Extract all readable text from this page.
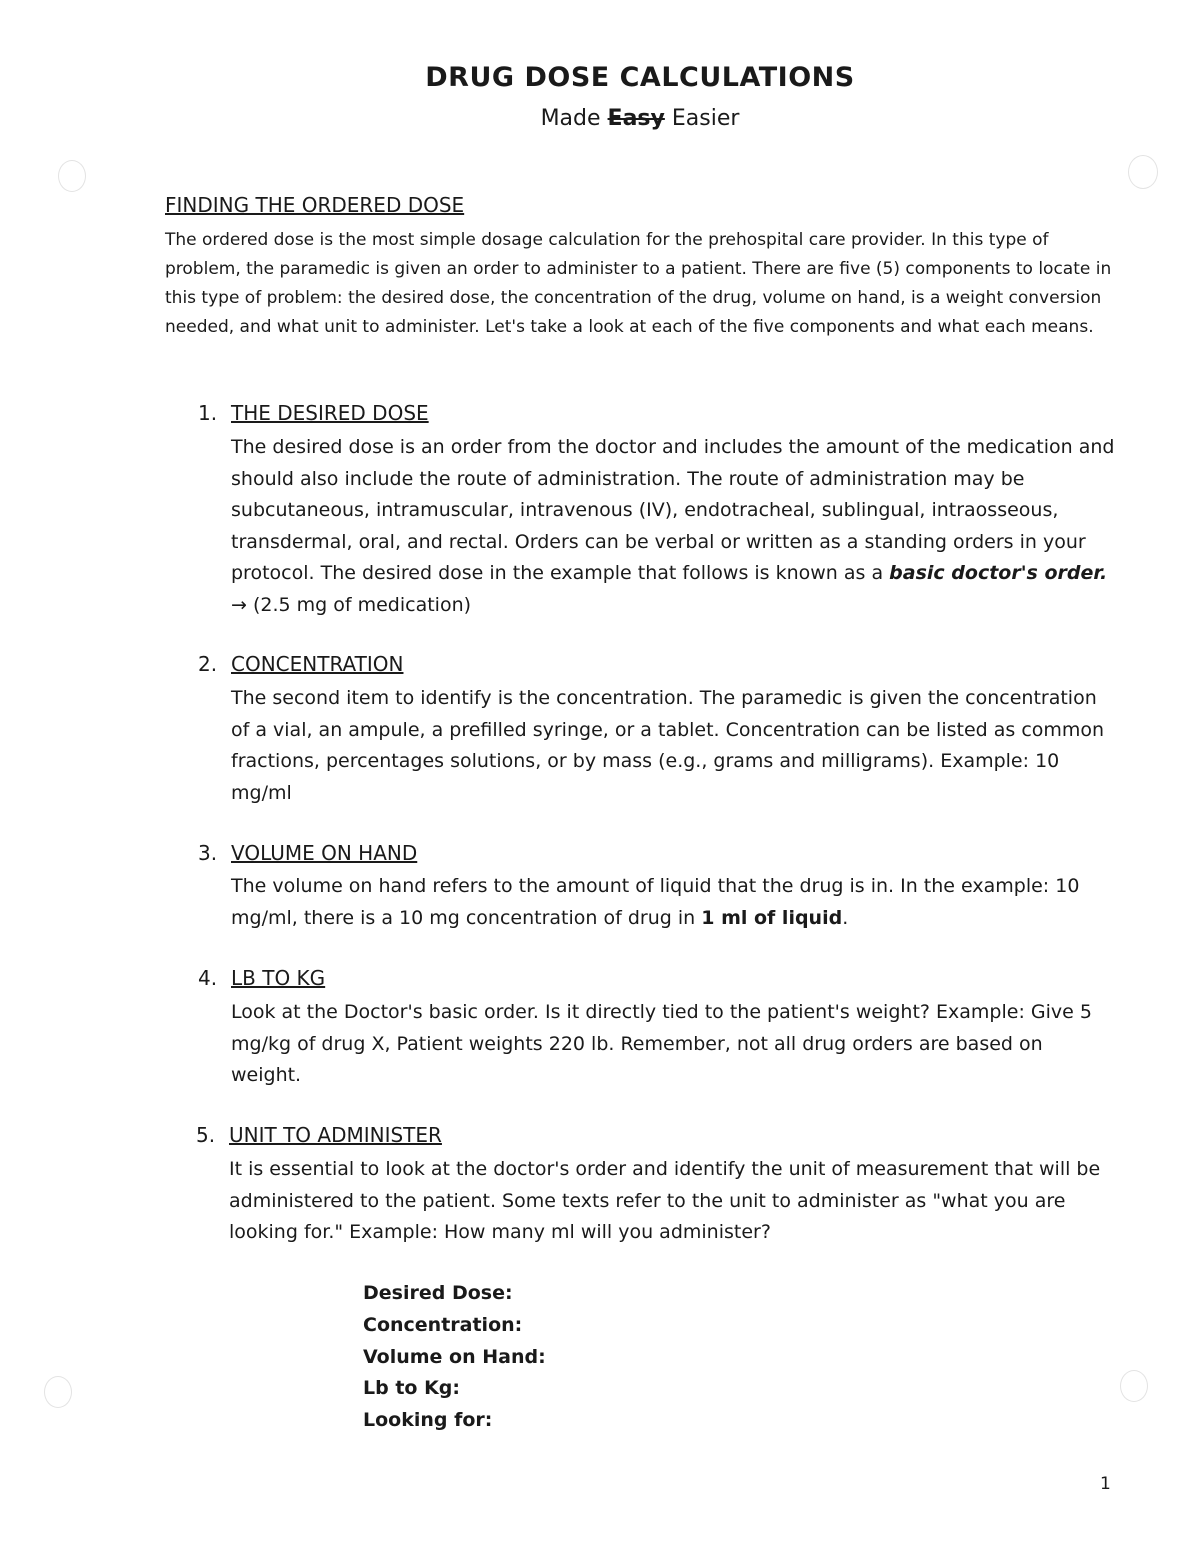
DRUG DOSE CALCULATIONS
Made Easy Easier
FINDING THE ORDERED DOSE
The ordered dose is the most simple dosage calculation for the prehospital care provider. In this type of problem, the paramedic is given an order to administer to a patient. There are five (5) components to locate in this type of problem: the desired dose, the concentration of the drug, volume on hand, is a weight conversion needed, and what unit to administer. Let's take a look at each of the five components and what each means.
1. THE DESIRED DOSE
The desired dose is an order from the doctor and includes the amount of the medication and should also include the route of administration. The route of administration may be subcutaneous, intramuscular, intravenous (IV), endotracheal, sublingual, intraosseous, transdermal, oral, and rectal. Orders can be verbal or written as a standing orders in your protocol. The desired dose in the example that follows is known as a basic doctor's order. → (2.5 mg of medication)
2. CONCENTRATION
The second item to identify is the concentration. The paramedic is given the concentration of a vial, an ampule, a prefilled syringe, or a tablet. Concentration can be listed as common fractions, percentages solutions, or by mass (e.g., grams and milligrams). Example: 10 mg/ml
3. VOLUME ON HAND
The volume on hand refers to the amount of liquid that the drug is in. In the example: 10 mg/ml, there is a 10 mg concentration of drug in 1 ml of liquid.
4. LB TO KG
Look at the Doctor's basic order. Is it directly tied to the patient's weight? Example: Give 5 mg/kg of drug X, Patient weights 220 lb. Remember, not all drug orders are based on weight.
5. UNIT TO ADMINISTER
It is essential to look at the doctor's order and identify the unit of measurement that will be administered to the patient. Some texts refer to the unit to administer as "what you are looking for." Example: How many ml will you administer?
Desired Dose:
Concentration:
Volume on Hand:
Lb to Kg:
Looking for:
1
